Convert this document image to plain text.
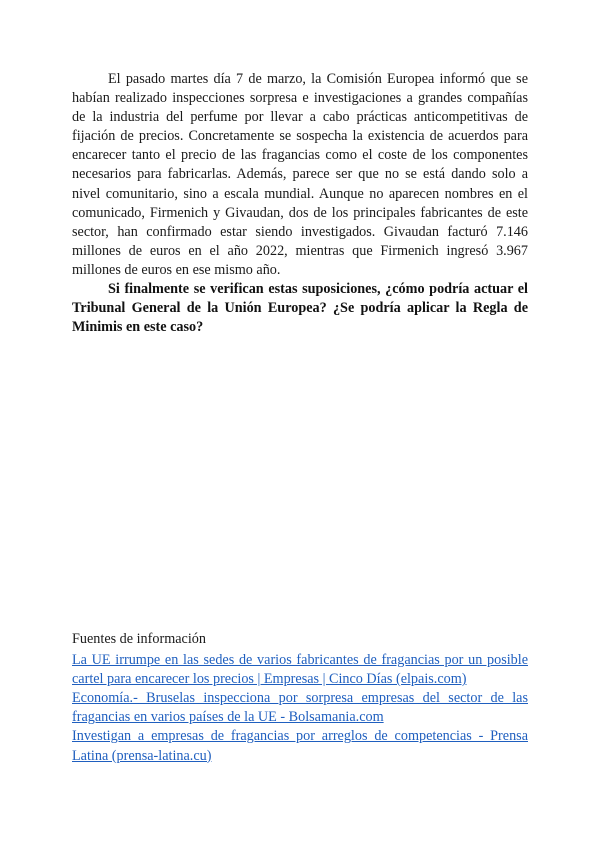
El pasado martes día 7 de marzo, la Comisión Europea informó que se habían realizado inspecciones sorpresa e investigaciones a grandes compañías de la industria del perfume por llevar a cabo prácticas anticompetitivas de fijación de precios. Concretamente se sospecha la existencia de acuerdos para encarecer tanto el precio de las fragancias como el coste de los componentes necesarios para fabricarlas. Además, parece ser que no se está dando solo a nivel comunitario, sino a escala mundial. Aunque no aparecen nombres en el comunicado, Firmenich y Givaudan, dos de los principales fabricantes de este sector, han confirmado estar siendo investigados. Givaudan facturó 7.146 millones de euros en el año 2022, mientras que Firmenich ingresó 3.967 millones de euros en ese mismo año.

Si finalmente se verifican estas suposiciones, ¿cómo podría actuar el Tribunal General de la Unión Europea? ¿Se podría aplicar la Regla de Minimis en este caso?

Fuentes de información

La UE irrumpe en las sedes de varios fabricantes de fragancias por un posible cartel para encarecer los precios | Empresas | Cinco Días (elpais.com)
Economía.- Bruselas inspecciona por sorpresa empresas del sector de las fragancias en varios países de la UE - Bolsamania.com
Investigan a empresas de fragancias por arreglos de competencias - Prensa Latina (prensa-latina.cu)
